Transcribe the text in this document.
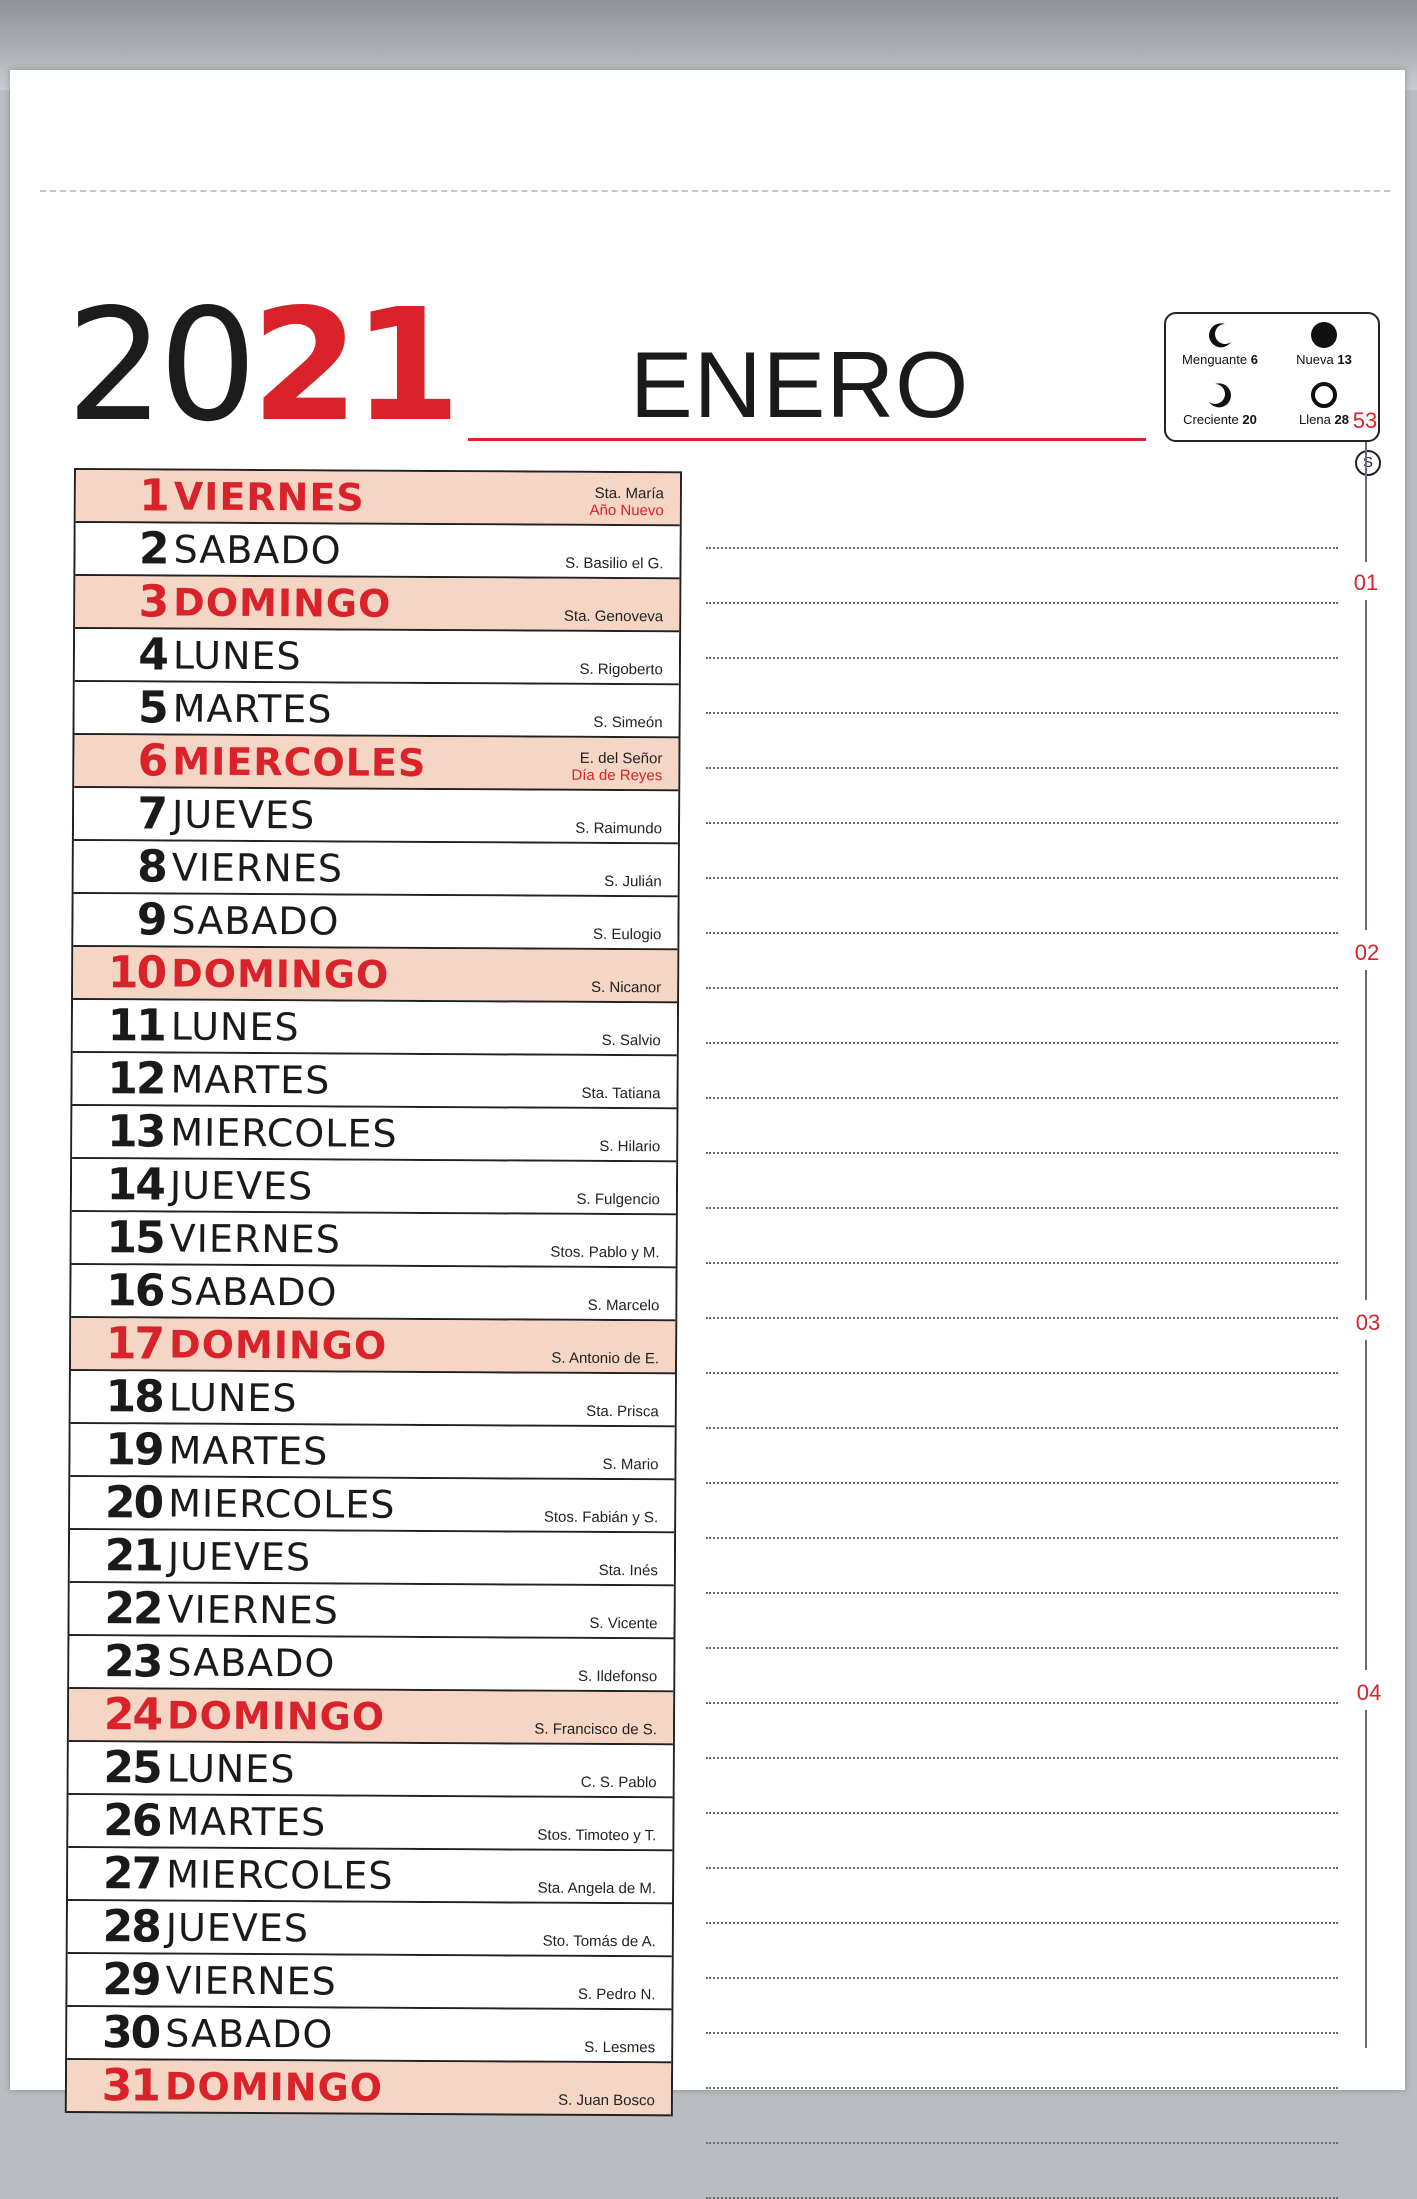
2021 ENERO	Menguante 6	Nueva 13
Creciente 20	Llena 28
S
53
01
02
03
04
1 VIERNES	Sta. María
Año Nuevo
2 SABADO	S. Basilio el G.
3 DOMINGO	Sta. Genoveva
4 LUNES	S. Rigoberto
5 MARTES	S. Simeón
6 MIERCOLES	E. del Señor
Día de Reyes
7 JUEVES	S. Raimundo
8 VIERNES	S. Julián
9 SABADO	S. Eulogio
10 DOMINGO	S. Nicanor
11 LUNES	S. Salvio
12 MARTES	Sta. Tatiana
13 MIERCOLES	S. Hilario
14 JUEVES	S. Fulgencio
15 VIERNES	Stos. Pablo y M.
16 SABADO	S. Marcelo
17 DOMINGO	S. Antonio de E.
18 LUNES	Sta. Prisca
19 MARTES	S. Mario
20 MIERCOLES	Stos. Fabián y S.
21 JUEVES	Sta. Inés
22 VIERNES	S. Vicente
23 SABADO	S. Ildefonso
24 DOMINGO	S. Francisco de S.
25 LUNES	C. S. Pablo
26 MARTES	Stos. Timoteo y T.
27 MIERCOLES	Sta. Angela de M.
28 JUEVES	Sto. Tomás de A.
29 VIERNES	S. Pedro N.
30 SABADO	S. Lesmes
31 DOMINGO	S. Juan Bosco
